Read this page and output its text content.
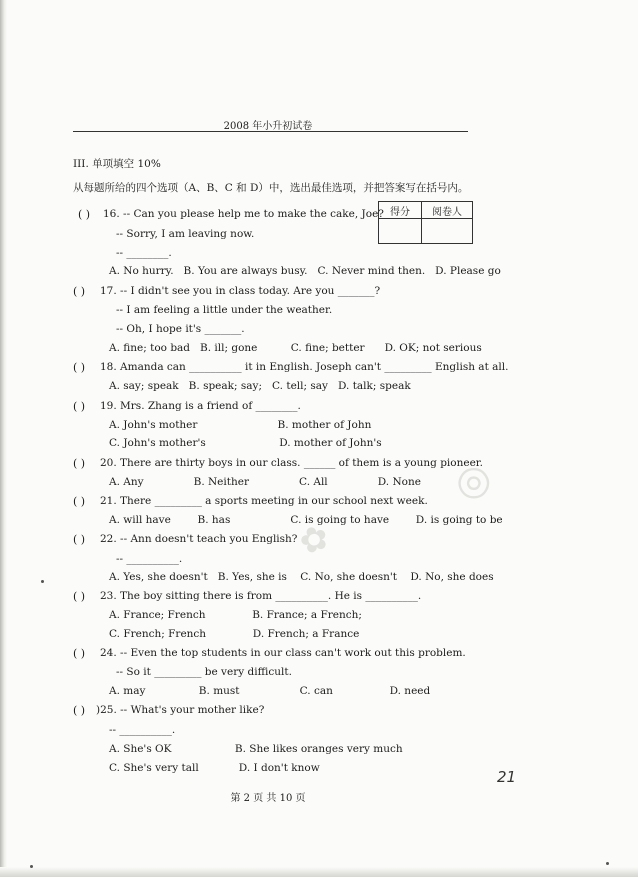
◎
✿
2008 年小升初试卷
III. 单项填空 10%
从每题所给的四个选项（A、B、C 和 D）中，选出最佳选项，并把答案写在括号内。
得分	阅卷人

( ) 16. -- Can you please help me to make the cake, Joe?
-- Sorry, I am leaving now.
-- ________.
A. No hurry.   B. You are always busy.   C. Never mind then.   D. Please go
( ) 17. -- I didn't see you in class today. Are you _______?
-- I am feeling a little under the weather.
-- Oh, I hope it's _______.
A. fine; too bad   B. ill; gone          C. fine; better      D. OK; not serious
( ) 18. Amanda can __________ it in English. Joseph can't _________ English at all.
A. say; speak   B. speak; say;   C. tell; say   D. talk; speak
( ) 19. Mrs. Zhang is a friend of ________.
A. John's mother                        B. mother of John
C. John's mother's                      D. mother of John's
( ) 20. There are thirty boys in our class. ______ of them is a young pioneer.
A. Any               B. Neither               C. All               D. None
( ) 21. There _________ a sports meeting in our school next week.
A. will have        B. has                  C. is going to have        D. is going to be
( ) 22. -- Ann doesn't teach you English?
-- __________.
A. Yes, she doesn't   B. Yes, she is    C. No, she doesn't    D. No, she does
( ) 23. The boy sitting there is from __________. He is __________.
A. France; French              B. France; a French;
C. French; French              D. French; a France
( ) 24. -- Even the top students in our class can't work out this problem.
-- So it _________ be very difficult.
A. may                B. must                  C. can                 D. need
( ) )25. -- What's your mother like?
-- __________.
A. She's OK                   B. She likes oranges very much
C. She's very tall            D. I don't know
第 2 页 共 10 页
21
